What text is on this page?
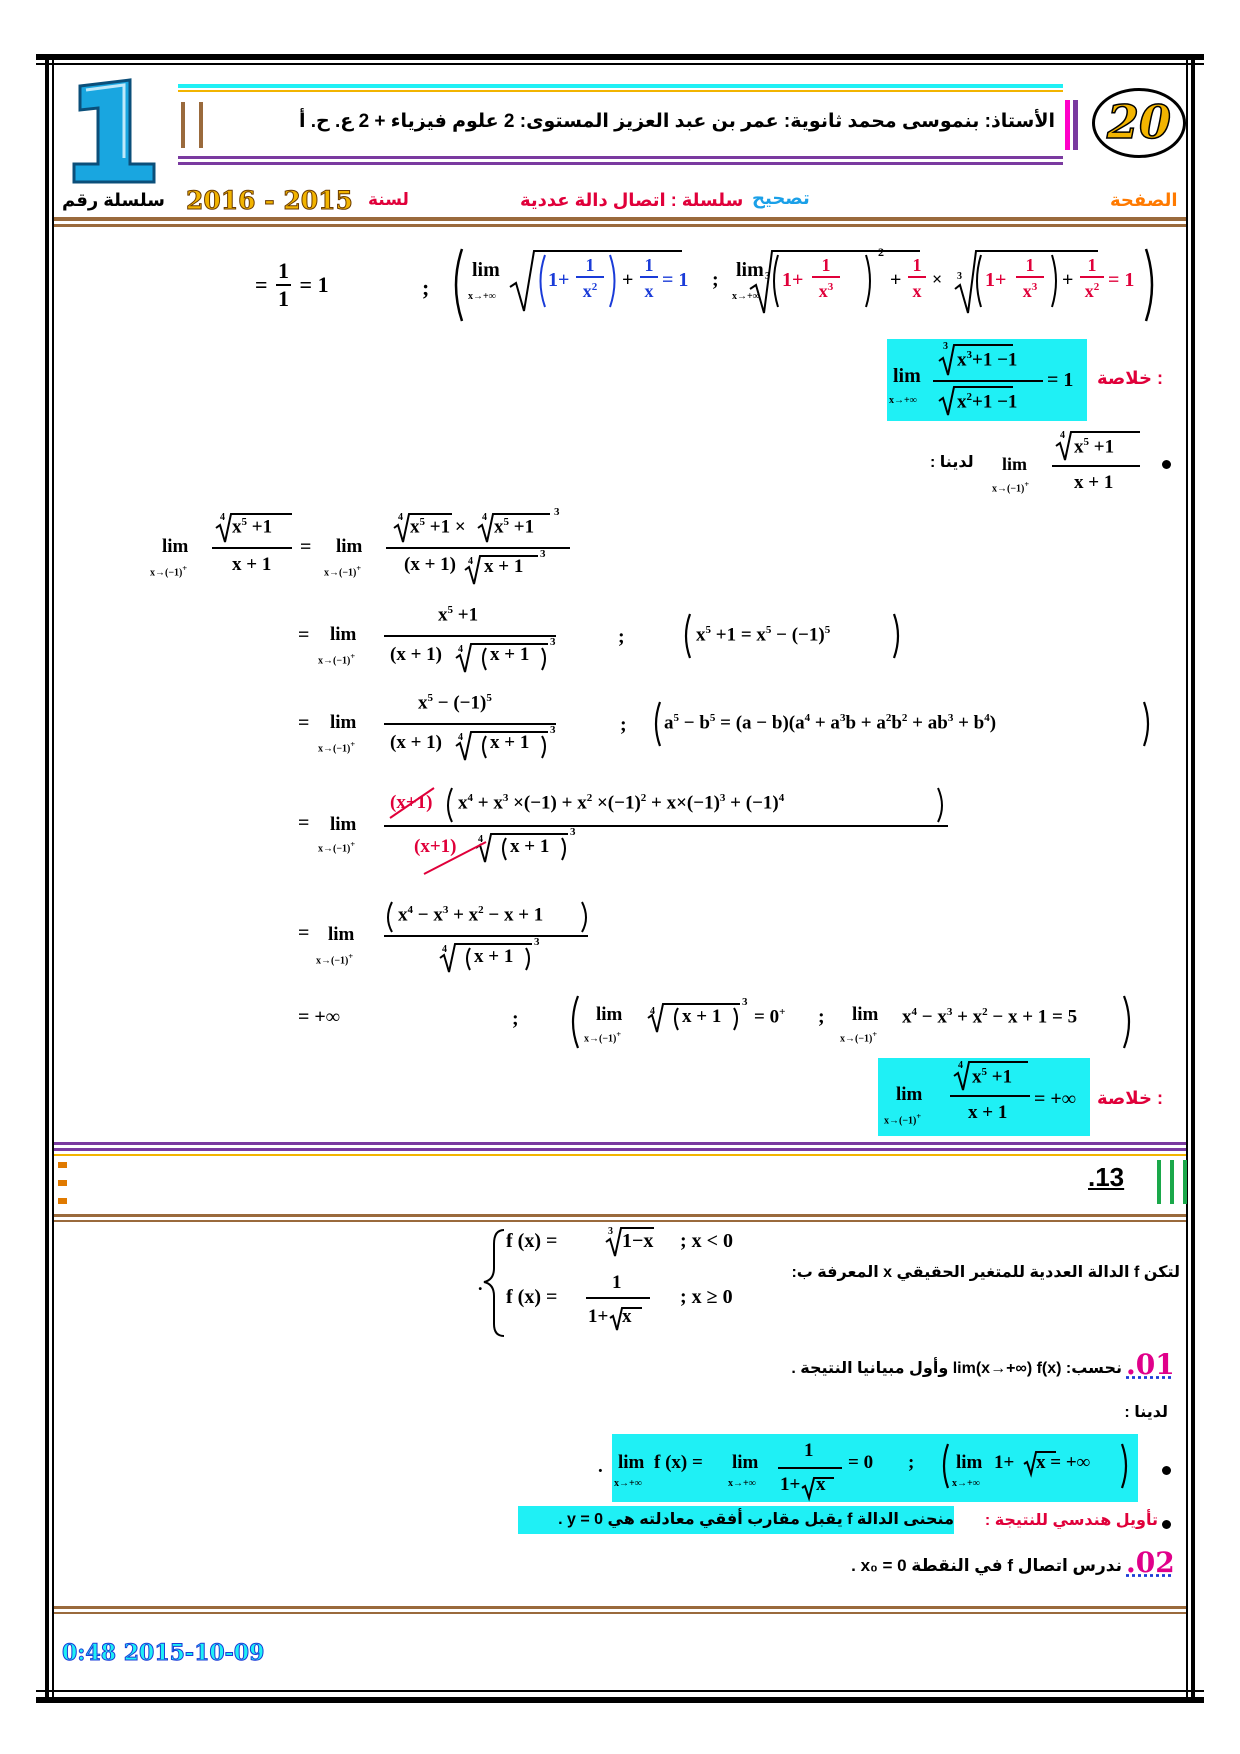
الأستاذ: بنموسى محمد ثانوية: عمر بن عبد العزيز المستوى: 2 علوم فيزياء + 2 ع. ح. أ	20
الصفحة
تصحيح
سلسلة : اتصال دالة عددية
لسنة
2016 - 2015
سلسلة رقم
= $\frac{1}{1} = 1$	;
lim
x→+∞
1+
1
$x^2$	+
1
x = 1 ; lim
x→+∞
3 1+
1
$x^3$
2
+
1
x
× 3 1+
1
$x^3$	+
1
$x^2 = 1$
خلاصة :
lim
x→+∞
3
$x^3+1 -1$
$x^2+1 -1$
= 1
لدينا : lim
x→(−1)+
4
$x^5 +1$
x + 1
lim
x→(−1)+
4 $x^5 +1$
x + 1
= lim
x→(−1)+
4 $x^5 +1 \times 4$ $x^5 +1$
3
(x + 1) 4 x + 1
3
= lim
x→(−1)+
$x^5 +1$
(x + 1) 4 x + 1
3	;	$x^5 +1 = x^5 - (-1)^5$
= lim
x→(−1)+
$x^5 - (-1)^5$
(x + 1) 4 x + 1
3	; $a^5 - b^5 = (a - b)(a^4 + a^3b + a^2b^2 + ab^3 + b^4)$
= lim
x→(−1)+
(x+1) $x^4 + x^3 \times(-1) + x^2 \times(-1)^2 + x\times(-1)^3 + (-1)^4$
(x+1) 4 x + 1
3
= lim
x→(−1)+
$x^4 - x^3 + x^2 - x + 1$
4 x + 1
3
= +∞	;	lim
x→(−1)+
4 x + 1
3
= 0+ ; lim
x→(−1)+
$x^4 - x^3 + x^2 - x + 1 = 5$
خلاصة :
lim
x→(−1)+
4
$x^5 +1$
x + 1
= +∞
.13
لتكن f الدالة العددية للمتغير الحقيقي x المعرفة ب:
.
f (x) =	3 1−x ; x < 0
f (x) =
1
1+ x
; x ≥ 0
.01
نحسب: lim(x→+∞) f(x) وأول مبيانيا النتيجة .
لدينا :
lim
x→+∞
f (x) = lim
x→+∞
1
1+ x
= 0 ; lim
x→+∞
1+ x = +∞
.
تأويل هندسي للنتيجة :
منحنى الدالة f يقبل مقارب أفقي معادلته هي y = 0 .
.02
ندرس اتصال f في النقطة x₀ = 0 .
0:48 2015-10-09
